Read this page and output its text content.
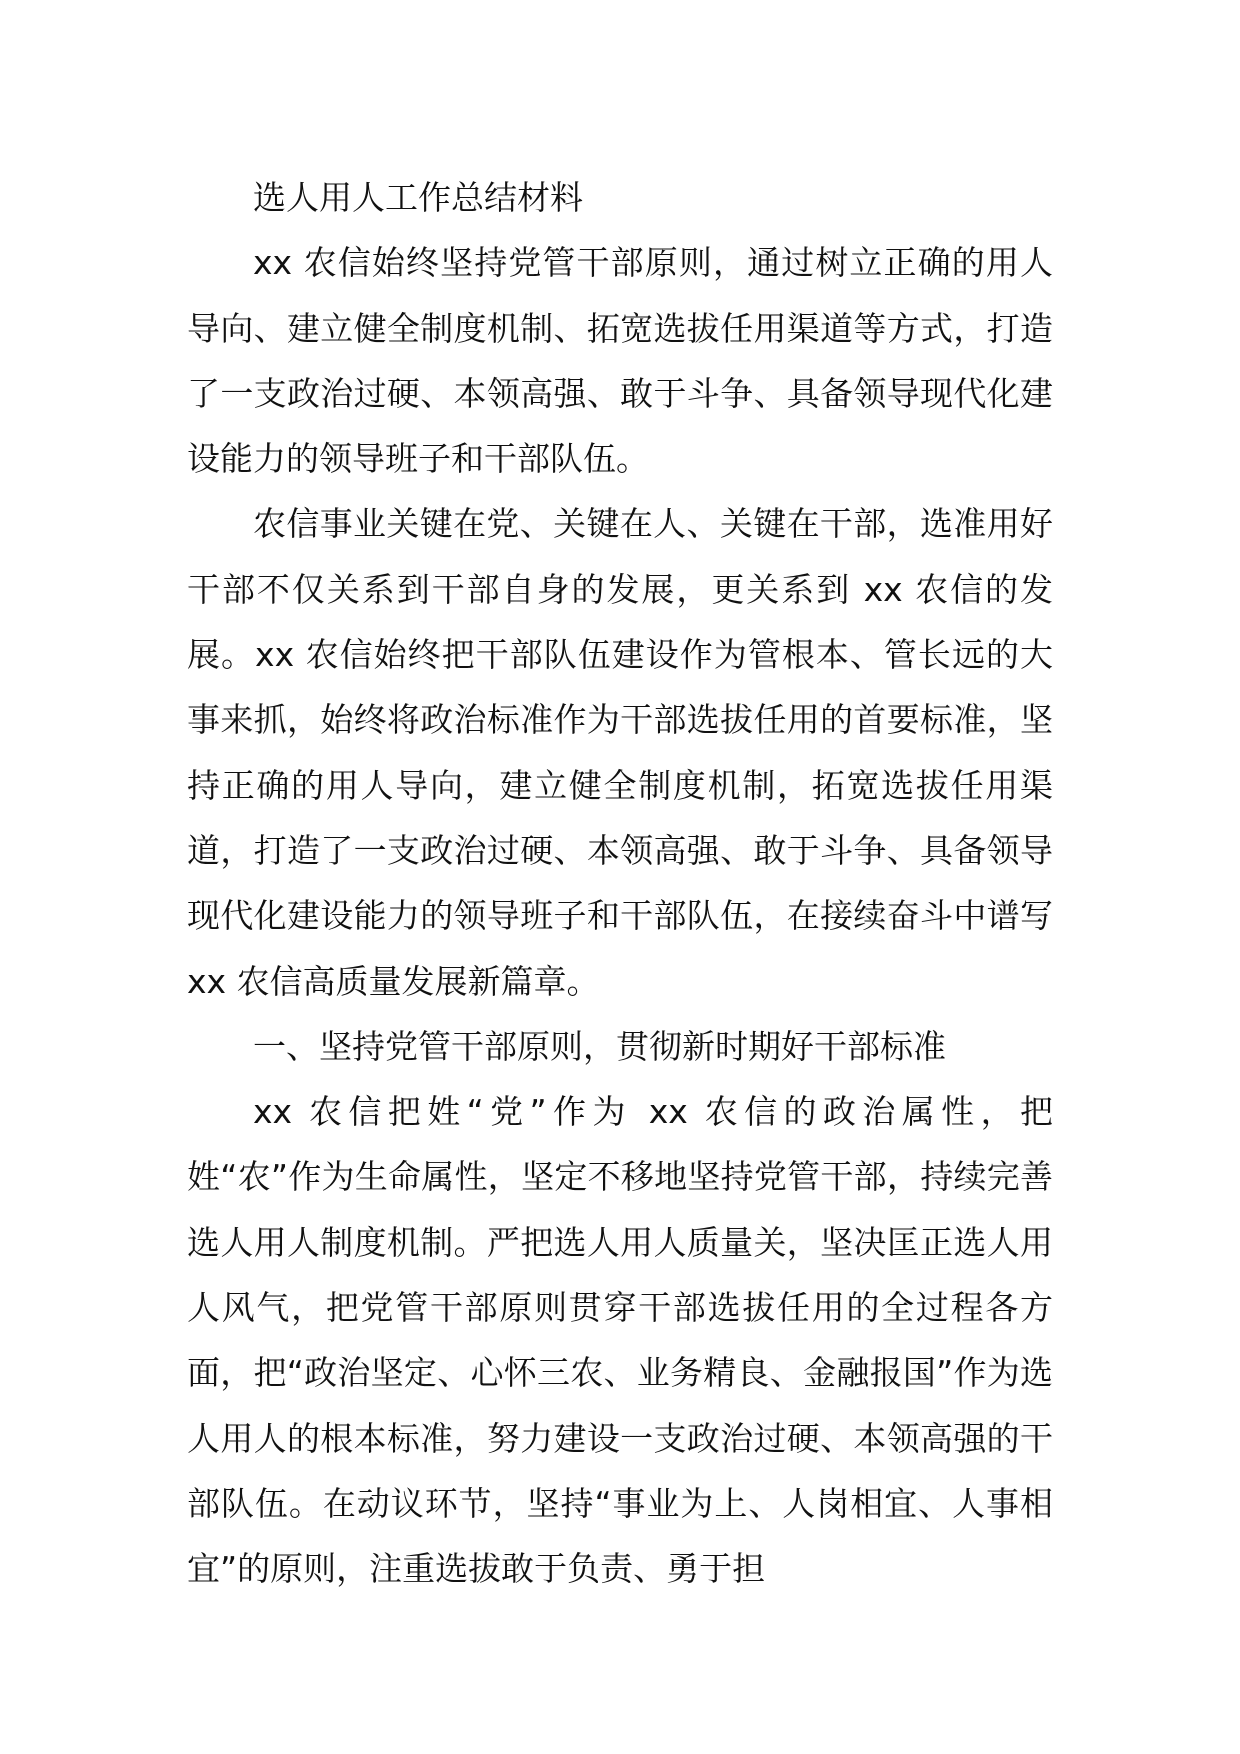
选人用人工作总结材料

xx 农信始终坚持党管干部原则，通过树立正确的用人导向、建立健全制度机制、拓宽选拔任用渠道等方式，打造了一支政治过硬、本领高强、敢于斗争、具备领导现代化建设能力的领导班子和干部队伍。

农信事业关键在党、关键在人、关键在干部，选准用好干部不仅关系到干部自身的发展，更关系到 xx 农信的发展。xx 农信始终把干部队伍建设作为管根本、管长远的大事来抓，始终将政治标准作为干部选拔任用的首要标准，坚持正确的用人导向，建立健全制度机制，拓宽选拔任用渠道，打造了一支政治过硬、本领高强、敢于斗争、具备领导现代化建设能力的领导班子和干部队伍，在接续奋斗中谱写 xx 农信高质量发展新篇章。

一、坚持党管干部原则，贯彻新时期好干部标准

xx 农信把姓“党”作为 xx 农信的政治属性，把姓“农”作为生命属性，坚定不移地坚持党管干部，持续完善选人用人制度机制。严把选人用人质量关，坚决匡正选人用人风气，把党管干部原则贯穿干部选拔任用的全过程各方面，把“政治坚定、心怀三农、业务精良、金融报国”作为选人用人的根本标准，努力建设一支政治过硬、本领高强的干部队伍。在动议环节，坚持“事业为上、人岗相宜、人事相宜”的原则，注重选拔敢于负责、勇于担
